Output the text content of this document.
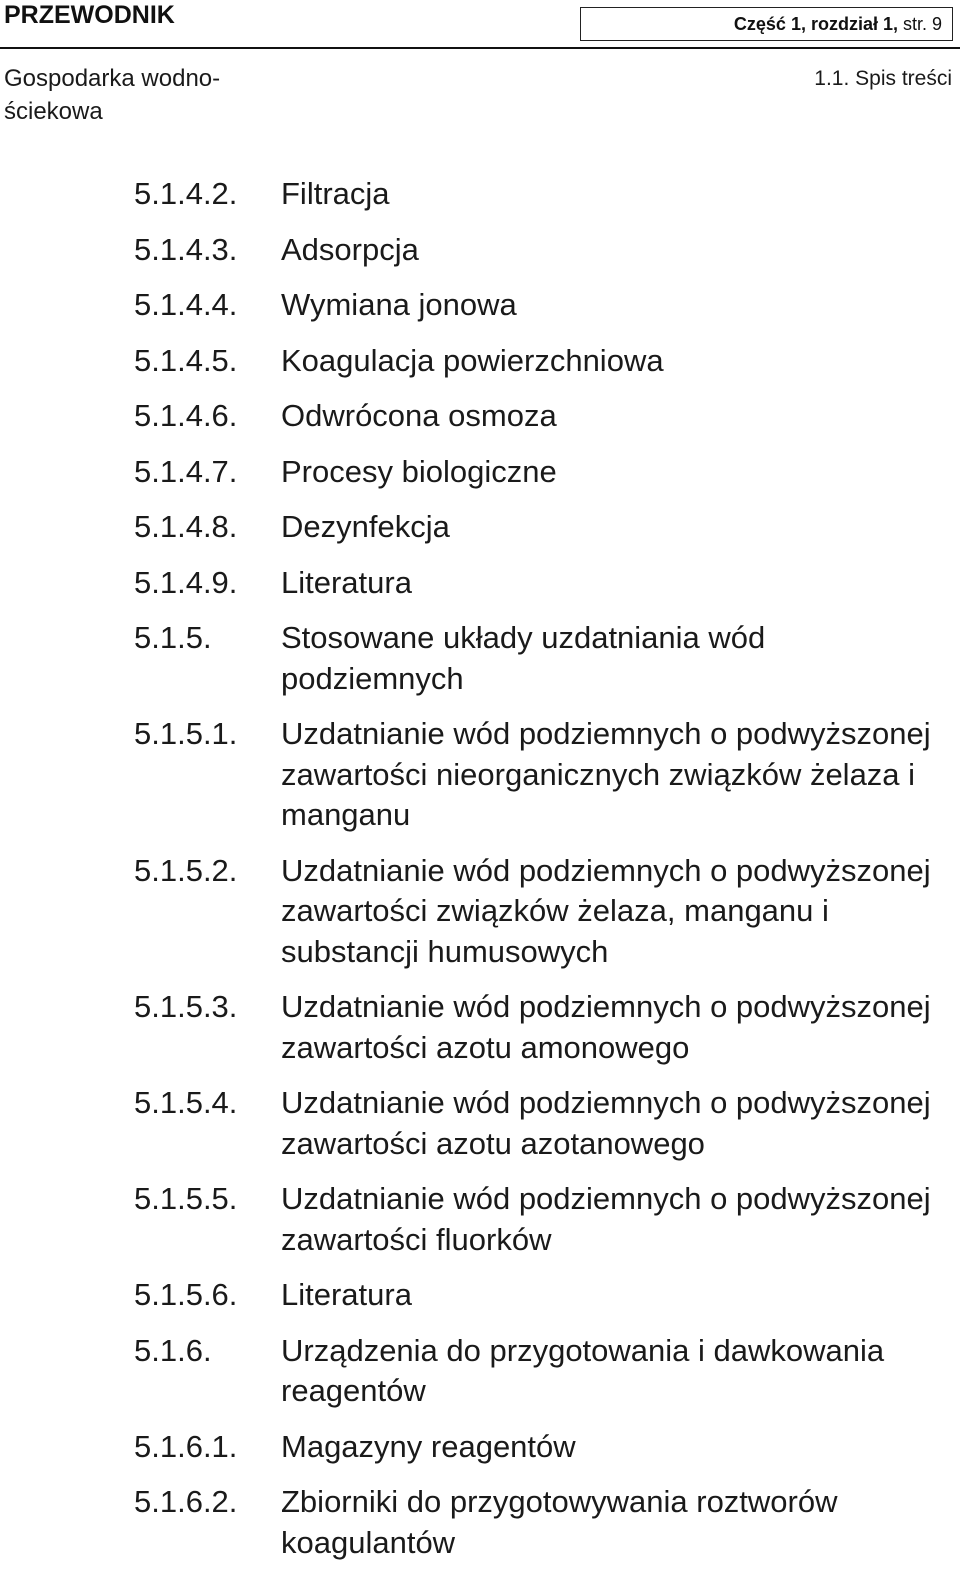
PRZEWODNIK	Część 1, rozdział 1, str. 9
Gospodarka wodno-ściekowa
1.1. Spis treści
5.1.4.2.	Filtracja
5.1.4.3.	Adsorpcja
5.1.4.4.	Wymiana jonowa
5.1.4.5.	Koagulacja powierzchniowa
5.1.4.6.	Odwrócona osmoza
5.1.4.7.	Procesy biologiczne
5.1.4.8.	Dezynfekcja
5.1.4.9.	Literatura
5.1.5.	Stosowane układy uzdatniania wód podziemnych
5.1.5.1.	Uzdatnianie wód podziemnych o podwyższonej zawartości nieorganicznych związków żelaza i manganu
5.1.5.2.	Uzdatnianie wód podziemnych o podwyższonej zawartości związków żelaza, manganu i substancji humusowych
5.1.5.3.	Uzdatnianie wód podziemnych o podwyższonej zawartości azotu amonowego
5.1.5.4.	Uzdatnianie wód podziemnych o podwyższonej zawartości azotu azotanowego
5.1.5.5.	Uzdatnianie wód podziemnych o podwyższonej zawartości fluorków
5.1.5.6.	Literatura
5.1.6.	Urządzenia do przygotowania i dawkowania reagentów
5.1.6.1.	Magazyny reagentów
5.1.6.2.	Zbiorniki do przygotowywania roztworów koagulantów
